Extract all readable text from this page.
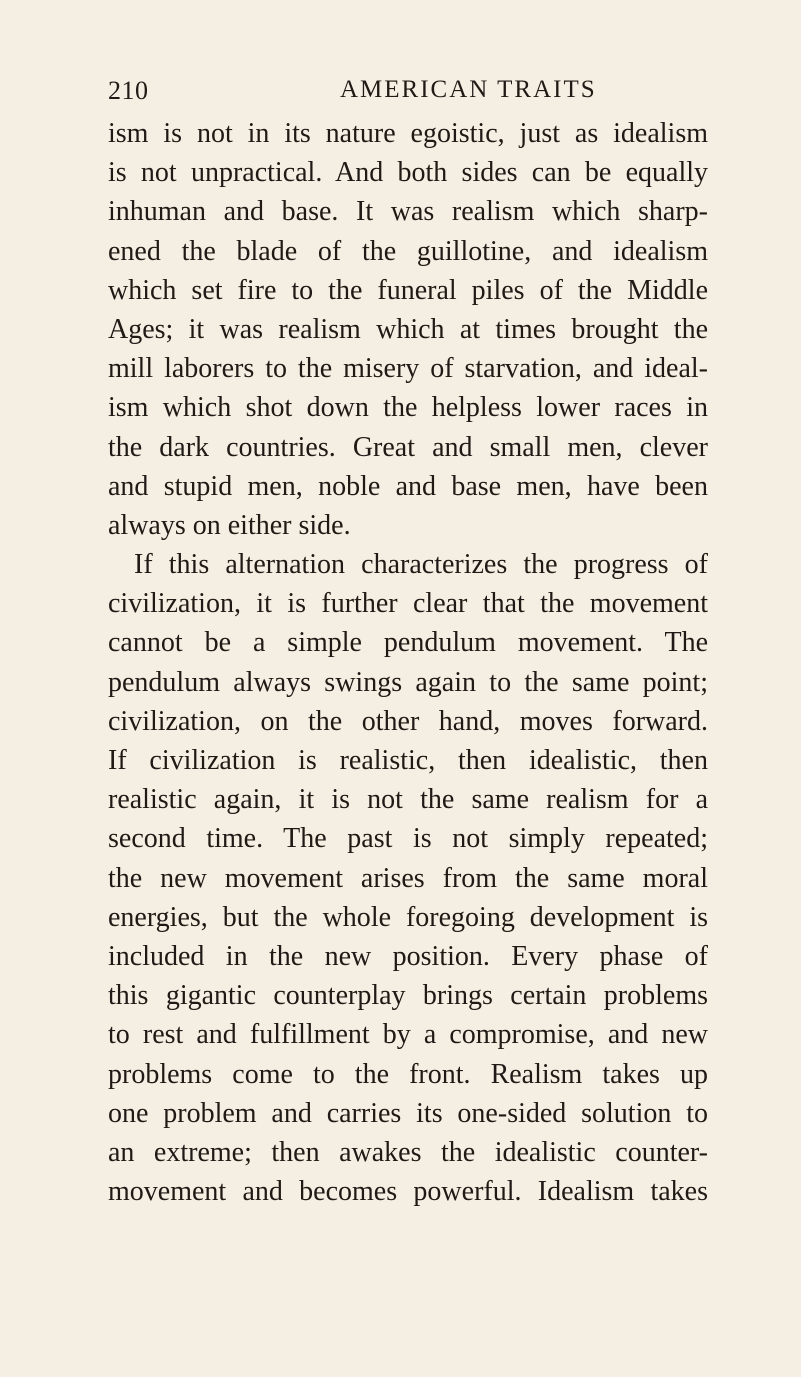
210	AMERICAN TRAITS
ism is not in its nature egoistic, just as idealism
is not unpractical. And both sides can be equally
inhuman and base. It was realism which sharp-
ened the blade of the guillotine, and idealism
which set fire to the funeral piles of the Middle
Ages; it was realism which at times brought the
mill laborers to the misery of starvation, and ideal-
ism which shot down the helpless lower races in
the dark countries. Great and small men, clever
and stupid men, noble and base men, have been
always on either side.
If this alternation characterizes the progress of
civilization, it is further clear that the movement
cannot be a simple pendulum movement. The
pendulum always swings again to the same point;
civilization, on the other hand, moves forward.
If civilization is realistic, then idealistic, then
realistic again, it is not the same realism for a
second time. The past is not simply repeated;
the new movement arises from the same moral
energies, but the whole foregoing development is
included in the new position. Every phase of
this gigantic counterplay brings certain problems
to rest and fulfillment by a compromise, and new
problems come to the front. Realism takes up
one problem and carries its one-sided solution to
an extreme; then awakes the idealistic counter-
movement and becomes powerful. Idealism takes
